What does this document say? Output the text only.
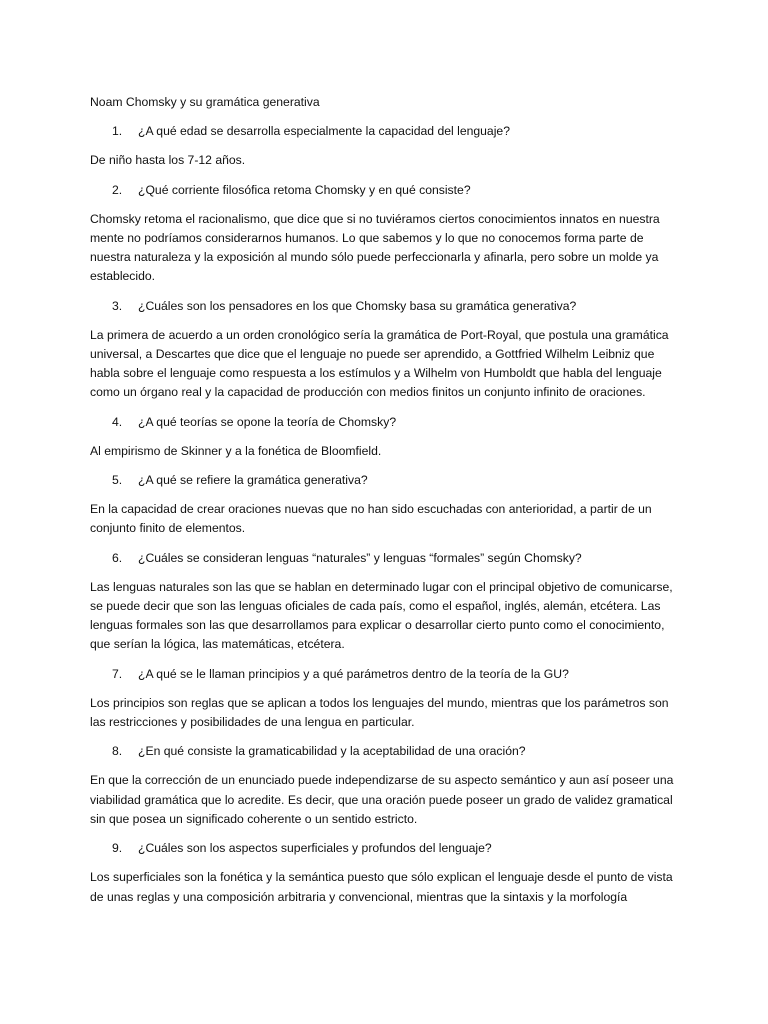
Noam Chomsky y su gramática generativa
1.	¿A qué edad se desarrolla especialmente la capacidad del lenguaje?
De niño hasta los 7-12 años.
2.	¿Qué corriente filosófica retoma Chomsky y en qué consiste?
Chomsky retoma el racionalismo, que dice que si no tuviéramos ciertos conocimientos innatos en nuestra mente no podríamos considerarnos humanos. Lo que sabemos y lo que no conocemos forma parte de nuestra naturaleza y la exposición al mundo sólo puede perfeccionarla y afinarla, pero sobre un molde ya establecido.
3.	¿Cuáles son los pensadores en los que Chomsky basa su gramática generativa?
La primera de acuerdo a un orden cronológico sería la gramática de Port-Royal, que postula una gramática universal, a Descartes que dice que el lenguaje no puede ser aprendido, a Gottfried Wilhelm Leibniz que habla sobre el lenguaje como respuesta a los estímulos y a Wilhelm von Humboldt que habla del lenguaje como un órgano real y la capacidad de producción con medios finitos un conjunto infinito de oraciones.
4.	¿A qué teorías se opone la teoría de Chomsky?
Al empirismo de Skinner y a la fonética de Bloomfield.
5.	¿A qué se refiere la gramática generativa?
En la capacidad de crear oraciones nuevas que no han sido escuchadas con anterioridad, a partir de un conjunto finito de elementos.
6.	¿Cuáles se consideran lenguas “naturales” y lenguas “formales” según Chomsky?
Las lenguas naturales son las que se hablan en determinado lugar con el principal objetivo de comunicarse, se puede decir que son las lenguas oficiales de cada país, como el español, inglés, alemán, etcétera. Las lenguas formales son las que desarrollamos para explicar o desarrollar cierto punto como el conocimiento, que serían la lógica, las matemáticas, etcétera.
7.	¿A qué se le llaman principios y a qué parámetros dentro de la teoría de la GU?
Los principios son reglas que se aplican a todos los lenguajes del mundo, mientras que los parámetros son las restricciones y posibilidades de una lengua en particular.
8.	¿En qué consiste la gramaticabilidad y la aceptabilidad de una oración?
En que la corrección de un enunciado puede independizarse de su aspecto semántico y aun así poseer una viabilidad gramática que lo acredite. Es decir, que una oración puede poseer un grado de validez gramatical sin que posea un significado coherente o un sentido estricto.
9.	¿Cuáles son los aspectos superficiales y profundos del lenguaje?
Los superficiales son la fonética y la semántica puesto que sólo explican el lenguaje desde el punto de vista de unas reglas y una composición arbitraria y convencional, mientras que la sintaxis y la morfología
